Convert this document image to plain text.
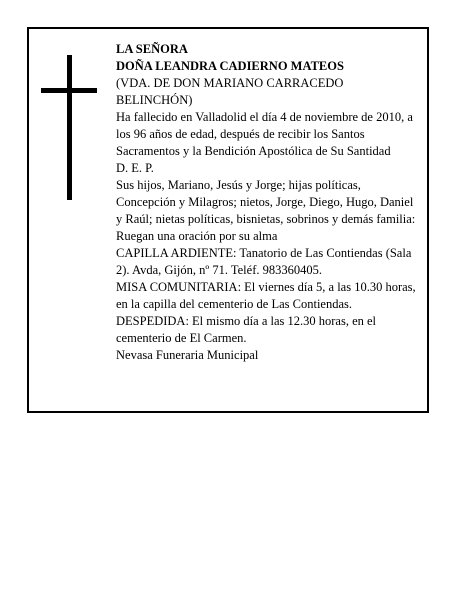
LA SEÑORA

DOÑA LEANDRA CADIERNO MATEOS

(VDA. DE DON MARIANO CARRACEDO BELINCHÓN)

Ha fallecido en Valladolid el día 4 de noviembre de 2010, a los 96 años de edad, después de recibir los Santos Sacramentos y la Bendición Apostólica de Su Santidad

D. E. P.

Sus hijos, Mariano, Jesús y Jorge; hijas políticas, Concepción y Milagros; nietos, Jorge, Diego, Hugo, Daniel y Raúl; nietas políticas, bisnietas, sobrinos y demás familia:

Ruegan una oración por su alma

CAPILLA ARDIENTE: Tanatorio de Las Contiendas (Sala 2). Avda, Gijón, nº 71. Teléf. 983360405.

MISA COMUNITARIA: El viernes día 5, a las 10.30 horas, en la capilla del cementerio de Las Contiendas.

DESPEDIDA: El mismo día a las 12.30 horas, en el cementerio de El Carmen.

Nevasa Funeraria Municipal
